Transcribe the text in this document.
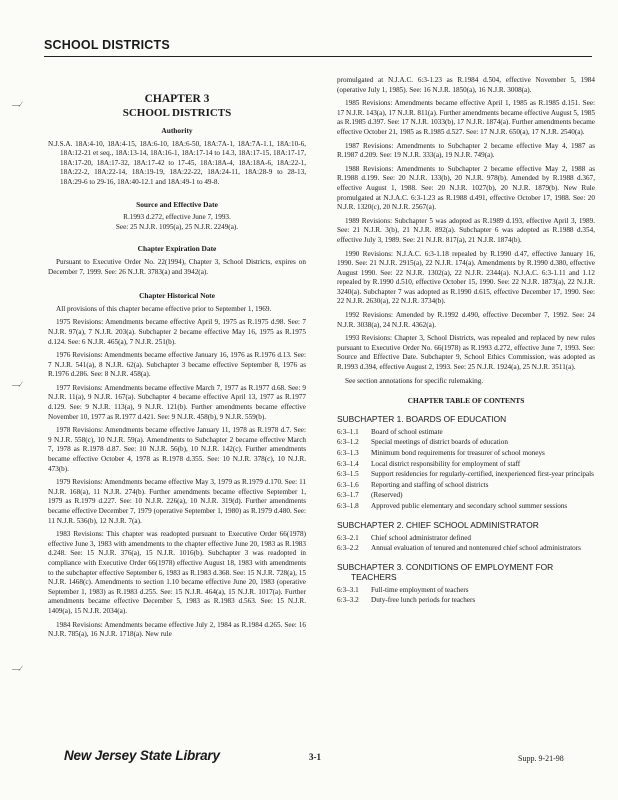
SCHOOL DISTRICTS
—∕
—∕
—∕
CHAPTER 3
SCHOOL DISTRICTS
Authority
N.J.S.A. 18A:4-10, 18A:4-15, 18A:6-10, 18A:6-50, 18A:7A-1, 18A:7A-1.1, 18A:10-6, 18A:12-21 et seq., 18A:13-14, 18A:16-1, 18A:17-14 to 14.3, 18A:17-15, 18A:17-17, 18A:17-20, 18A:17-32, 18A:17-42 to 17-45, 18A:18A-4, 18A:18A-6, 18A:22-1, 18A:22-2, 18A:22-14, 18A:19-19, 18A:22-22, 18A:24-11, 18A:28-9 to 28-13, 18A:29-6 to 29-16, 18A:40-12.1 and 18A:49-1 to 49-8.
Source and Effective Date
R.1993 d.272, effective June 7, 1993.
See: 25 N.J.R. 1095(a), 25 N.J.R. 2249(a).
Chapter Expiration Date

Pursuant to Executive Order No. 22(1994), Chapter 3, School Districts, expires on December 7, 1999. See: 26 N.J.R. 3783(a) and 3942(a).

Chapter Historical Note

All provisions of this chapter became effective prior to September 1, 1969.

1975 Revisions: Amendments became effective April 9, 1975 as R.1975 d.98. See: 7 N.J.R. 97(a), 7 N.J.R. 203(a). Subchapter 2 became effective May 16, 1975 as R.1975 d.124. See: 6 N.J.R. 465(a), 7 N.J.R. 251(b).

1976 Revisions: Amendments became effective January 16, 1976 as R.1976 d.13. See: 7 N.J.R. 541(a), 8 N.J.R. 62(a). Subchapter 3 became effective September 8, 1976 as R.1976 d.286. See: 8 N.J.R. 458(a).

1977 Revisions: Amendments became effective March 7, 1977 as R.1977 d.68. See: 9 N.J.R. 11(a), 9 N.J.R. 167(a). Subchapter 4 became effective April 13, 1977 as R.1977 d.129. See: 9 N.J.R. 113(a), 9 N.J.R. 121(b). Further amendments became effective November 10, 1977 as R.1977 d.421. See: 9 N.J.R. 458(b), 9 N.J.R. 559(b).

1978 Revisions: Amendments became effective January 11, 1978 as R.1978 d.7. See: 9 N.J.R. 558(c), 10 N.J.R. 59(a). Amendments to Subchapter 2 became effective March 7, 1978 as R.1978 d.87. See: 10 N.J.R. 56(b), 10 N.J.R. 142(c). Further amendments became effective October 4, 1978 as R.1978 d.355. See: 10 N.J.R. 378(c), 10 N.J.R. 473(b).

1979 Revisions: Amendments became effective May 3, 1979 as R.1979 d.170. See: 11 N.J.R. 168(a), 11 N.J.R. 274(b). Further amendments became effective September 1, 1979 as R.1979 d.227. See: 10 N.J.R. 226(a), 10 N.J.R. 319(d). Further amendments became effective December 7, 1979 (operative September 1, 1980) as R.1979 d.480. See: 11 N.J.R. 536(b), 12 N.J.R. 7(a).

1983 Revisions: This chapter was readopted pursuant to Executive Order 66(1978) effective June 3, 1983 with amendments to the chapter effective June 20, 1983 as R.1983 d.248. See: 15 N.J.R. 376(a), 15 N.J.R. 1016(b). Subchapter 3 was readopted in compliance with Executive Order 66(1978) effective August 18, 1983 with amendments to the subchapter effective September 6, 1983 as R.1983 d.368. See: 15 N.J.R. 728(a), 15 N.J.R. 1468(c). Amendments to section 1.10 became effective June 20, 1983 (operative September 1, 1983) as R.1983 d.255. See: 15 N.J.R. 464(a), 15 N.J.R. 1017(a). Further amendments became effective December 5, 1983 as R.1983 d.563. See: 15 N.J.R. 1409(a), 15 N.J.R. 2034(a).

1984 Revisions: Amendments became effective July 2, 1984 as R.1984 d.265. See: 16 N.J.R. 785(a), 16 N.J.R. 1718(a). New rule

promulgated at N.J.A.C. 6:3-1.23 as R.1984 d.504, effective November 5, 1984 (operative July 1, 1985). See: 16 N.J.R. 1850(a), 16 N.J.R. 3008(a).

1985 Revisions: Amendments became effective April 1, 1985 as R.1985 d.151. See: 17 N.J.R. 143(a), 17 N.J.R. 811(a). Further amendments became effective August 5, 1985 as R.1985 d.397. See: 17 N.J.R. 1033(b), 17 N.J.R. 1874(a). Further amendments became effective October 21, 1985 as R.1985 d.527. See: 17 N.J.R. 650(a), 17 N.J.R. 2540(a).

1987 Revisions: Amendments to Subchapter 2 became effective May 4, 1987 as R.1987 d.209. See: 19 N.J.R. 333(a), 19 N.J.R. 749(a).

1988 Revisions: Amendments to Subchapter 2 became effective May 2, 1988 as R.1988 d.199. See: 20 N.J.R. 133(b), 20 N.J.R. 978(b). Amended by R.1988 d.367, effective August 1, 1988. See: 20 N.J.R. 1027(b), 20 N.J.R. 1879(b). New Rule promulgated at N.J.A.C. 6:3-1.23 as R.1988 d.491, effective October 17, 1988. See: 20 N.J.R. 1320(c), 20 N.J.R. 2567(a).

1989 Revisions: Subchapter 5 was adopted as R.1989 d.193, effective April 3, 1989. See: 21 N.J.R. 3(b), 21 N.J.R. 892(a). Subchapter 6 was adopted as R.1988 d.354, effective July 3, 1989. See: 21 N.J.R. 817(a), 21 N.J.R. 1874(b).

1990 Revisions: N.J.A.C. 6:3-1.18 repealed by R.1990 d.47, effective January 16, 1990. See: 21 N.J.R. 2915(a), 22 N.J.R. 174(a). Amendments by R.1990 d.380, effective August 1990. See: 22 N.J.R. 1302(a), 22 N.J.R. 2344(a). N.J.A.C. 6:3-1.11 and 1.12 repealed by R.1990 d.510, effective October 15, 1990. See: 22 N.J.R. 1873(a), 22 N.J.R. 3240(a). Subchapter 7 was adopted as R.1990 d.615, effective December 17, 1990. See: 22 N.J.R. 2630(a), 22 N.J.R. 3734(b).

1992 Revisions: Amended by R.1992 d.490, effective December 7, 1992. See: 24 N.J.R. 3038(a), 24 N.J.R. 4362(a).

1993 Revisions: Chapter 3, School Districts, was repealed and replaced by new rules pursuant to Executive Order No. 66(1978) as R.1993 d.272, effective June 7, 1993. See: Source and Effective Date. Subchapter 9, School Ethics Commission, was adopted as R.1993 d.394, effective August 2, 1993. See: 25 N.J.R. 1924(a), 25 N.J.R. 3511(a).

See section annotations for specific rulemaking.

CHAPTER TABLE OF CONTENTS
SUBCHAPTER 1. BOARDS OF EDUCATION
6:3–1.1	Board of school estimate
6:3–1.2	Special meetings of district boards of education
6:3–1.3	Minimum bond requirements for treasurer of school moneys
6:3–1.4	Local district responsibility for employment of staff
6:3–1.5	Support residencies for regularly-certified, inexperienced first-year principals
6:3–1.6	Reporting and staffing of school districts
6:3–1.7	(Reserved)
6:3–1.8	Approved public elementary and secondary school summer sessions
SUBCHAPTER 2. CHIEF SCHOOL ADMINISTRATOR
6:3–2.1	Chief school administrator defined
6:3–2.2	Annual evaluation of tenured and nontenured chief school administrators
SUBCHAPTER 3. CONDITIONS OF EMPLOYMENT FOR TEACHERS
6:3–3.1	Full-time employment of teachers
6:3–3.2	Duty-free lunch periods for teachers
New Jersey State Library	3-1	Supp. 9-21-98
